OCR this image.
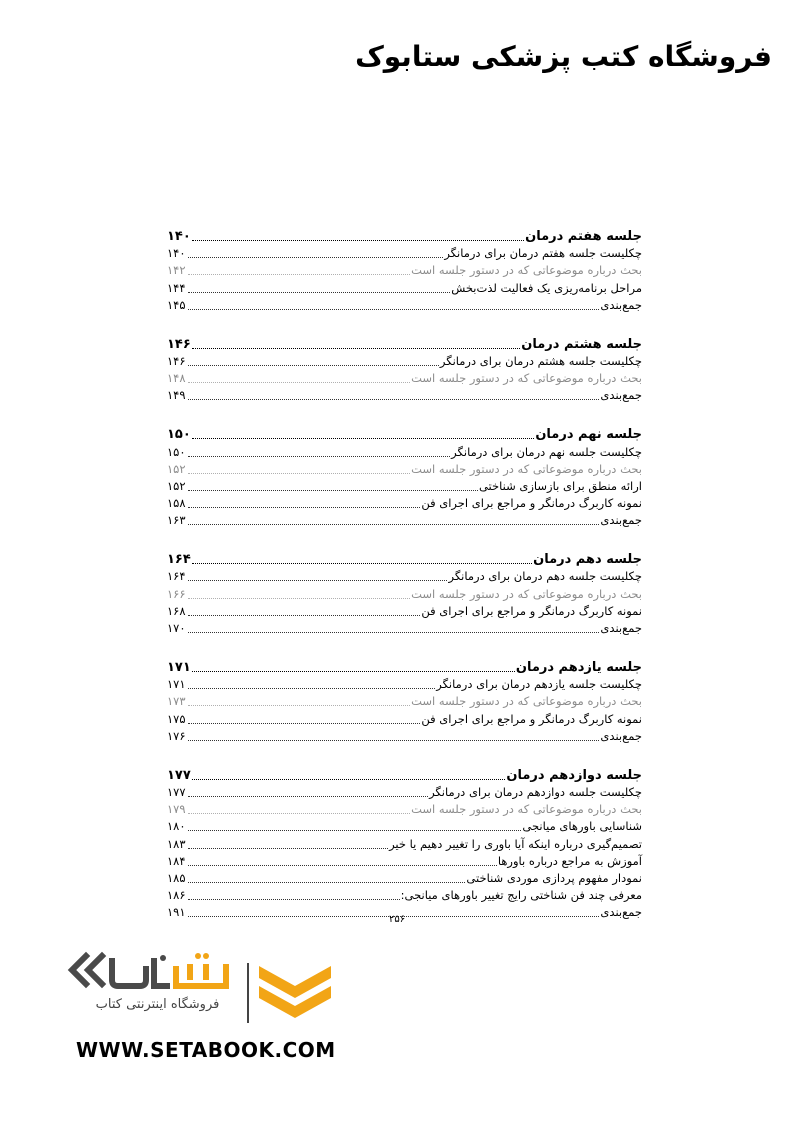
فروشگاه کتب پزشکی ستابوک
جلسه هفتم درمان
۱۴۰
چکلیست جلسه هفتم درمان برای درمانگر
۱۴۰
بحث درباره موضوعاتی که در دستور جلسه است
۱۴۲
مراحل برنامه‌ریزی یک فعالیت لذت‌بخش
۱۴۴
جمع‌بندی
۱۴۵
جلسه هشتم درمان
۱۴۶
چکلیست جلسه هشتم درمان برای درمانگر
۱۴۶
بحث درباره موضوعاتی که در دستور جلسه است
۱۴۸
جمع‌بندی
۱۴۹
جلسه نهم درمان
۱۵۰
چکلیست جلسه نهم درمان برای درمانگر
۱۵۰
بحث درباره موضوعاتی که در دستور جلسه است
۱۵۲
ارائه منطق برای بازسازی شناختی
۱۵۲
نمونه کاربرگ درمانگر و مراجع برای اجرای فن
۱۵۸
جمع‌بندی
۱۶۳
جلسه دهم درمان
۱۶۴
چکلیست جلسه دهم درمان برای درمانگر
۱۶۴
بحث درباره موضوعاتی که در دستور جلسه است
۱۶۶
نمونه کاربرگ درمانگر و مراجع برای اجرای فن
۱۶۸
جمع‌بندی
۱۷۰
جلسه یازدهم درمان
۱۷۱
چکلیست جلسه یازدهم درمان برای درمانگر
۱۷۱
بحث درباره موضوعاتی که در دستور جلسه است
۱۷۳
نمونه کاربرگ درمانگر و مراجع برای اجرای فن
۱۷۵
جمع‌بندی
۱۷۶
جلسه دوازدهم درمان
۱۷۷
چکلیست جلسه دوازدهم درمان برای درمانگر
۱۷۷
بحث درباره موضوعاتی که در دستور جلسه است
۱۷۹
شناسایی باورهای میانجی
۱۸۰
تصمیم‌گیری درباره اینکه آیا باوری را تغییر دهیم یا خیر
۱۸۳
آموزش به مراجع درباره باورها
۱۸۴
نمودار مفهوم پردازی موردی شناختی
۱۸۵
معرفی چند فن شناختی رایج تغییر باورهای میانجی:
۱۸۶
جمع‌بندی
۱۹۱
۲۵۶
فروشگاه اینترنتی کتاب
WWW.SETABOOK.COM
